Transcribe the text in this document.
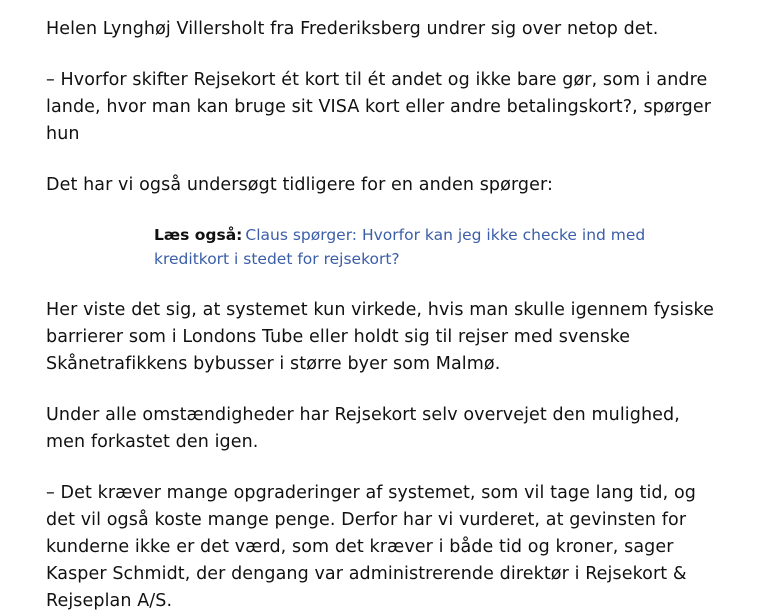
Helen Lynghøj Villersholt fra Frederiksberg undrer sig over netop det.

– Hvorfor skifter Rejsekort ét kort til ét andet og ikke bare gør, som i andre lande, hvor man kan bruge sit VISA kort eller andre betalingskort?, spørger hun

Det har vi også undersøgt tidligere for en anden spørger:

Læs også: Claus spørger: Hvorfor kan jeg ikke checke ind med kreditkort i stedet for rejsekort?

Her viste det sig, at systemet kun virkede, hvis man skulle igennem fysiske barrierer som i Londons Tube eller holdt sig til rejser med svenske Skånetrafikkens bybusser i større byer som Malmø.

Under alle omstændigheder har Rejsekort selv overvejet den mulighed, men forkastet den igen.

– Det kræver mange opgraderinger af systemet, som vil tage lang tid, og det vil også koste mange penge. Derfor har vi vurderet, at gevinsten for kunderne ikke er det værd, som det kræver i både tid og kroner, sager Kasper Schmidt, der dengang var administrerende direktør i Rejsekort & Rejseplan A/S.
